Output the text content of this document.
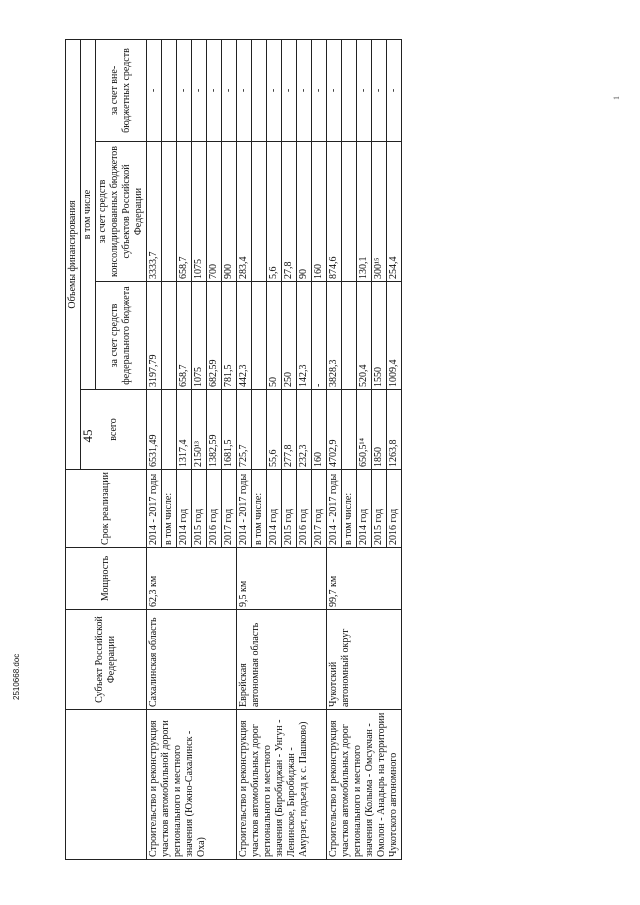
45
	Субъект Российской Федерации	Мощность	Срок реализации	Объемы финансирования			
				всего	в том числе		
					за счет средств федерального бюджета	за счет средств консолидированных бюджетов субъектов Российской Федерации	за счет вне-бюджетных средств
Строительство и реконструкция участков автомобильной дороги регионального и местного значения (Южно-Сахалинск - Оха)	Сахалинская область	62,3 км	2014 - 2017 годы	6531,49	3197,79	3333,7	-
			в том числе:				
			2014 год	1317,4	658,7	658,7	-
			2015 год	2150¹³	1075	1075	-
			2016 год	1382,59	682,59	700	-
			2017 год	1681,5	781,5	900	-
Строительство и реконструкция участков автомобильных дорог регионального и местного значения (Биробиджан - Унгун - Ленинское, Биробиджан - Амурзет, подъезд к с. Пашково)	Еврейская автономная область	9,5 км	2014 - 2017 годы	725,7	442,3	283,4	-
			в том числе:				
			2014 год	55,6	50	5,6	-
			2015 год	277,8	250	27,8	-
			2016 год	232,3	142,3	90	-
			2017 год	160	-	160	-
Строительство и реконструкция участков автомобильных дорог регионального и местного значения (Колыма - Омсукчан - Омолон - Анадырь на территории Чукотского автономного	Чукотский автономный округ	99,7 км	2014 - 2017 годы	4702,9	3828,3	874,6	-
			в том числе:				
			2014 год	650,5¹⁴	520,4	130,1	-
			2015 год	1850	1550	300¹⁵	-
			2016 год	1263,8	1009,4	254,4	-
2510668.doc
1
